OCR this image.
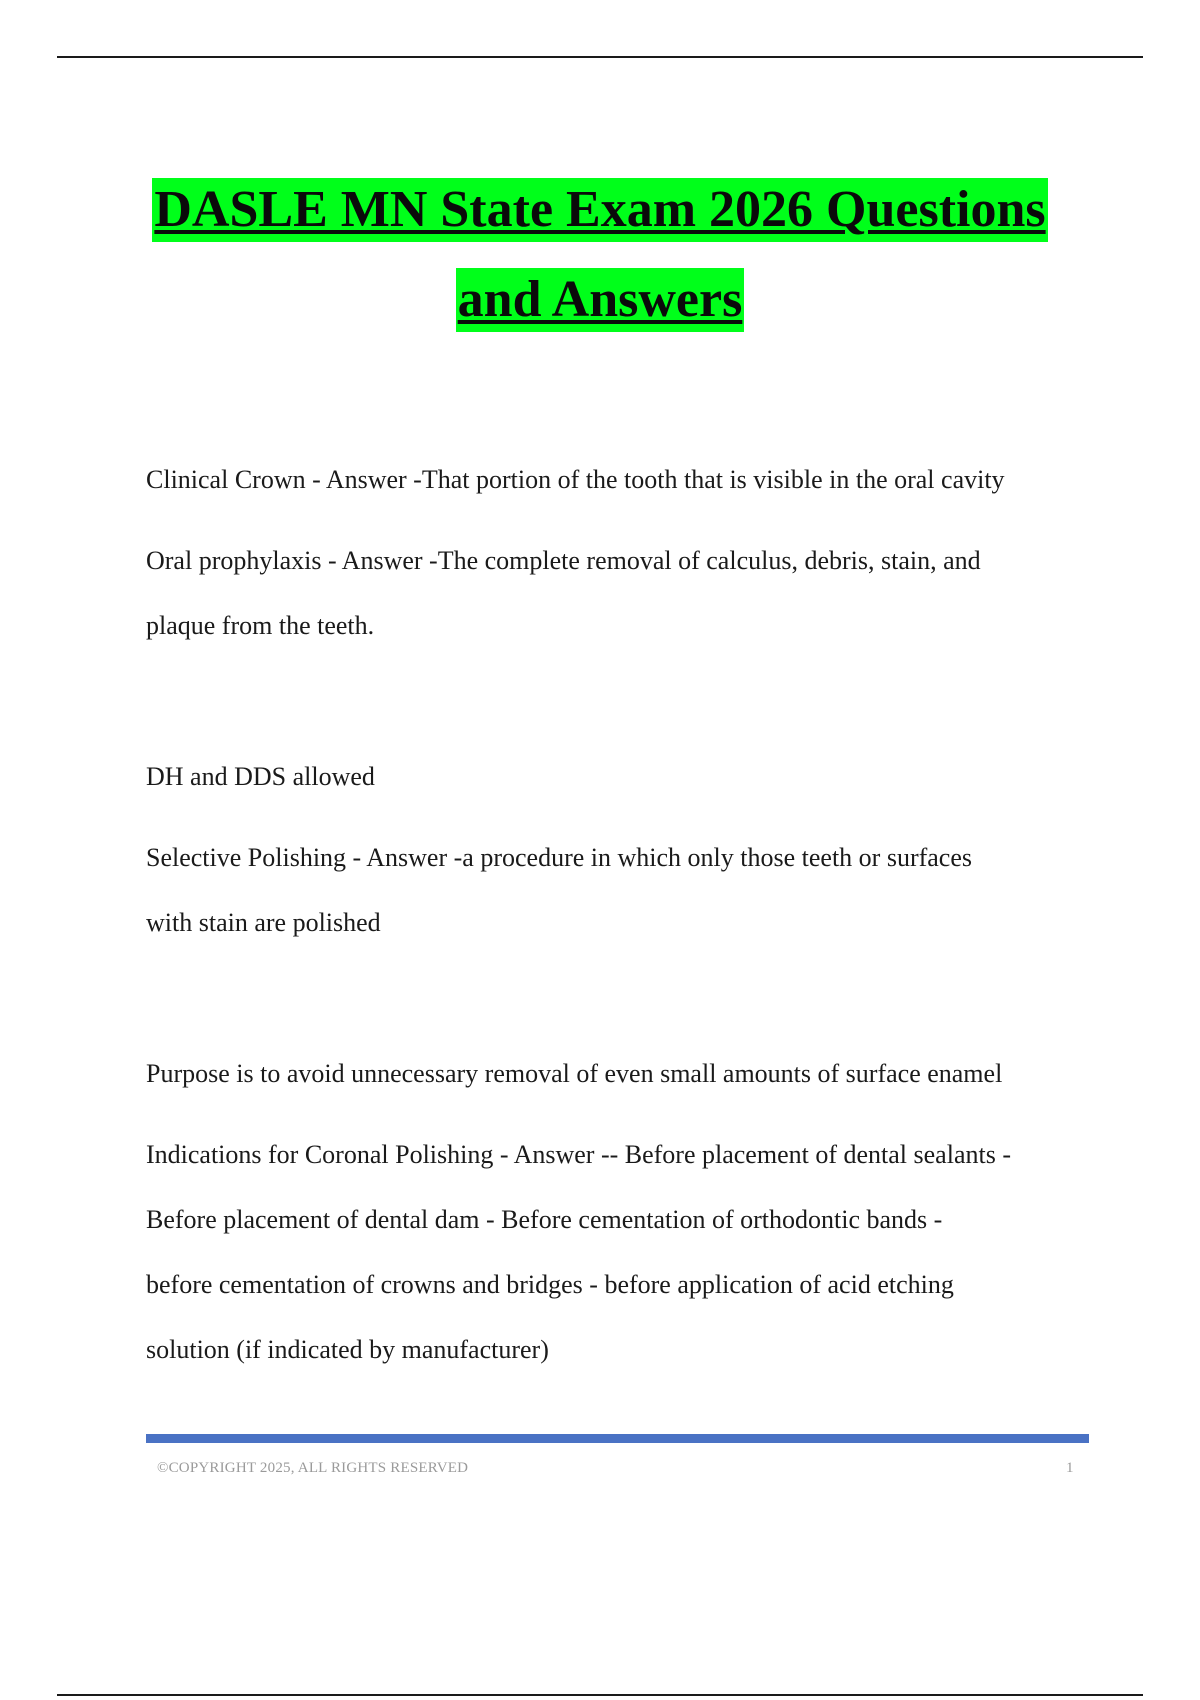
DASLE MN State Exam 2026 Questions
and Answers

Clinical Crown - Answer -That portion of the tooth that is visible in the oral cavity

Oral prophylaxis - Answer -The complete removal of calculus, debris, stain, and

plaque from the teeth.

DH and DDS allowed

Selective Polishing - Answer -a procedure in which only those teeth or surfaces

with stain are polished

Purpose is to avoid unnecessary removal of even small amounts of surface enamel

Indications for Coronal Polishing - Answer -- Before placement of dental sealants -

Before placement of dental dam - Before cementation of orthodontic bands -

before cementation of crowns and bridges - before application of acid etching

solution (if indicated by manufacturer)

©COPYRIGHT 2025, ALL RIGHTS RESERVED	1
